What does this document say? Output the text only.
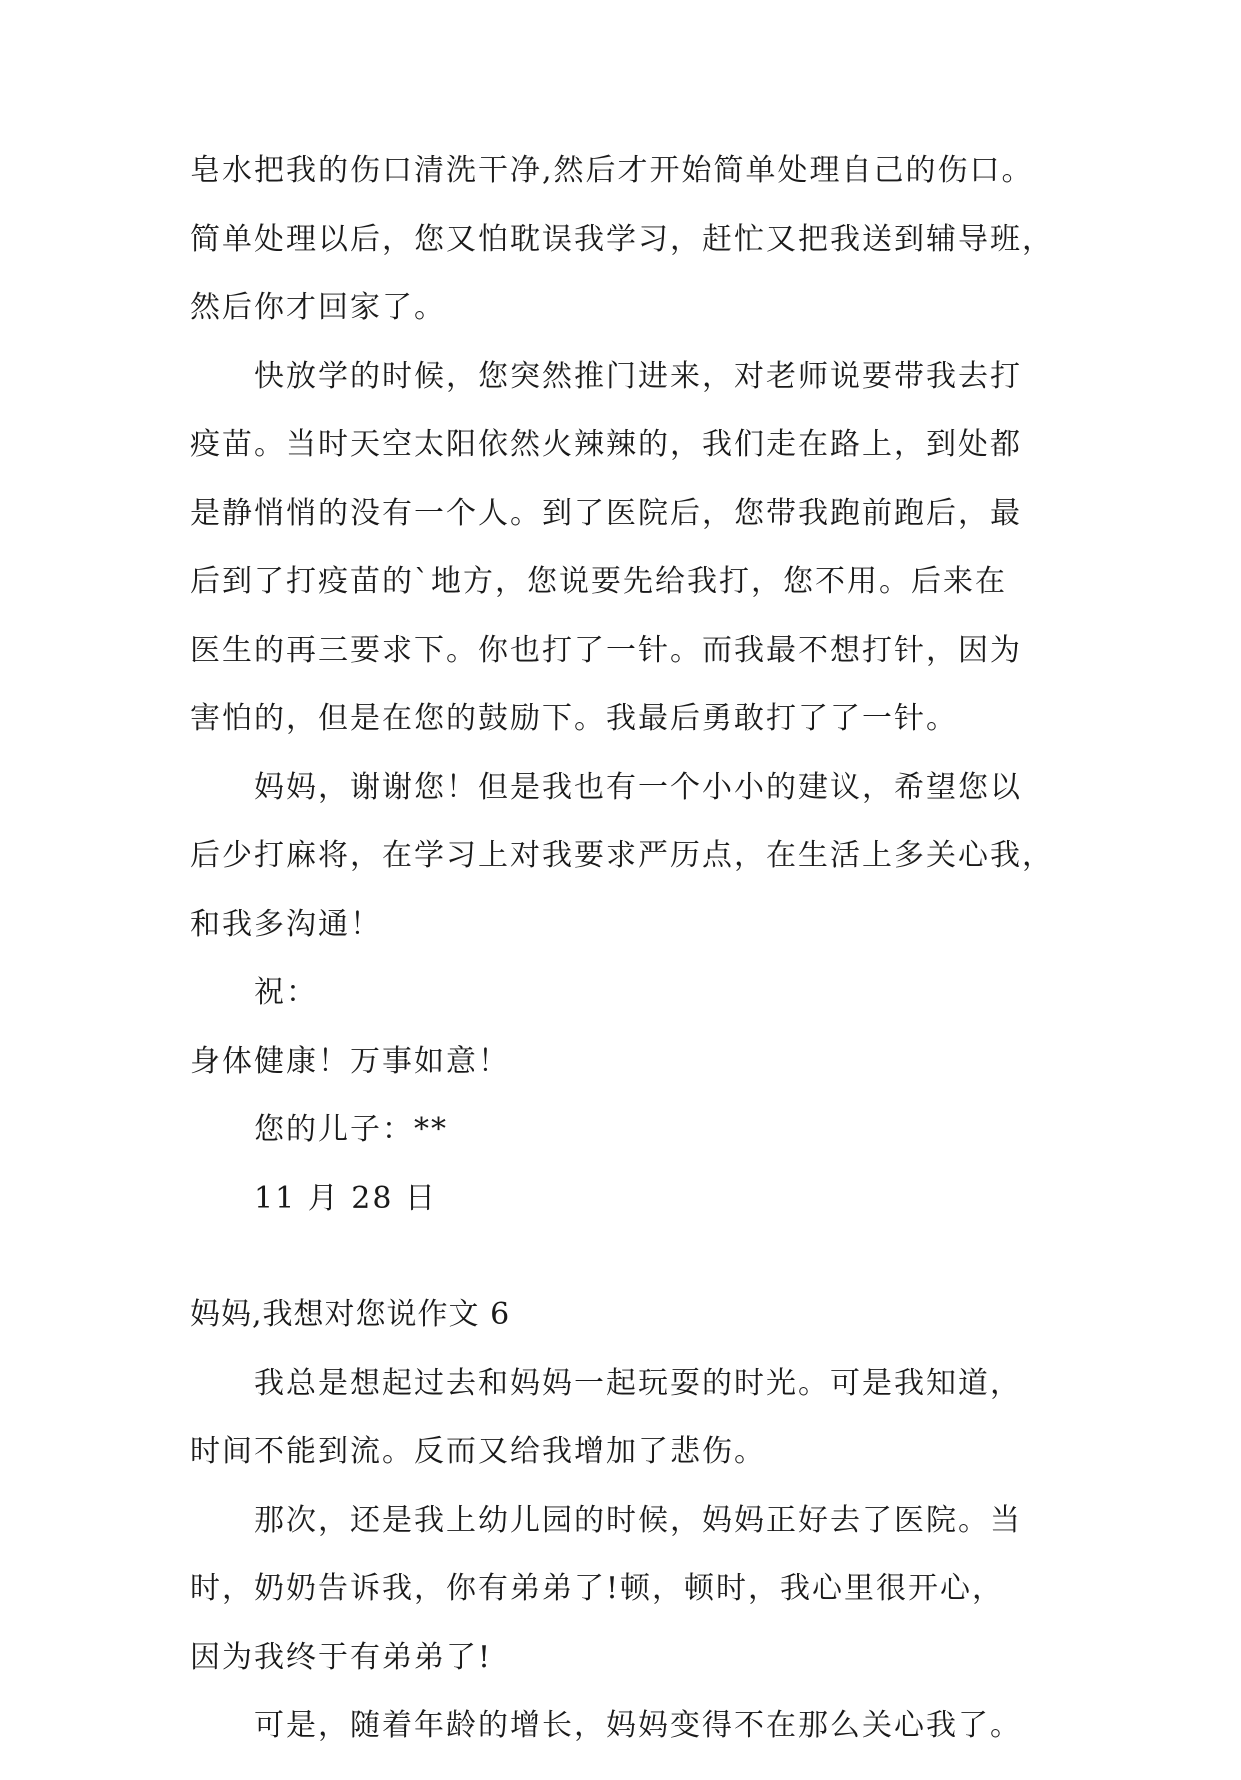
皂水把我的伤口清洗干净,然后才开始简单处理自己的伤口。
简单处理以后，您又怕耽误我学习，赶忙又把我送到辅导班，
然后你才回家了。
快放学的时候，您突然推门进来，对老师说要带我去打
疫苗。当时天空太阳依然火辣辣的，我们走在路上，到处都
是静悄悄的没有一个人。到了医院后，您带我跑前跑后，最
后到了打疫苗的`地方，您说要先给我打，您不用。后来在
医生的再三要求下。你也打了一针。而我最不想打针，因为
害怕的，但是在您的鼓励下。我最后勇敢打了了一针。
妈妈，谢谢您！但是我也有一个小小的建议，希望您以
后少打麻将，在学习上对我要求严历点，在生活上多关心我，
和我多沟通！
祝：
身体健康！万事如意！
您的儿子：**
11 月 28 日
妈妈,我想对您说作文 6
我总是想起过去和妈妈一起玩耍的时光。可是我知道，
时间不能到流。反而又给我增加了悲伤。
那次，还是我上幼儿园的时候，妈妈正好去了医院。当
时，奶奶告诉我，你有弟弟了!顿，顿时，我心里很开心，
因为我终于有弟弟了!
可是，随着年龄的增长，妈妈变得不在那么关心我了。
